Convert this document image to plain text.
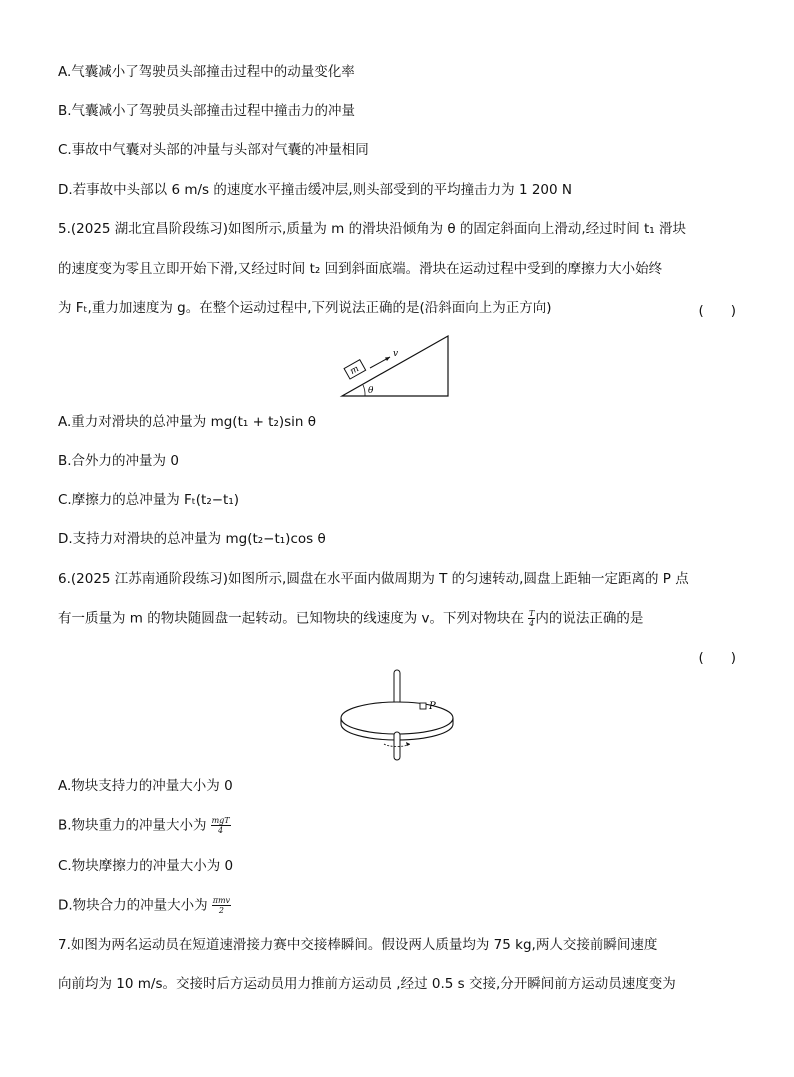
A.气囊减小了驾驶员头部撞击过程中的动量变化率
B.气囊减小了驾驶员头部撞击过程中撞击力的冲量
C.事故中气囊对头部的冲量与头部对气囊的冲量相同
D.若事故中头部以 6 m/s 的速度水平撞击缓冲层,则头部受到的平均撞击力为 1 200 N
5.(2025 湖北宜昌阶段练习)如图所示,质量为 m 的滑块沿倾角为 θ 的固定斜面向上滑动,经过时间 t₁ 滑块
的速度变为零且立即开始下滑,又经过时间 t₂ 回到斜面底端。滑块在运动过程中受到的摩擦力大小始终
为 Fₜ,重力加速度为 g。在整个运动过程中,下列说法正确的是(沿斜面向上为正方向)	(　　)
m
v
θ
A.重力对滑块的总冲量为 mg(t₁ + t₂)sin θ
B.合外力的冲量为 0
C.摩擦力的总冲量为 Fₜ(t₂−t₁)
D.支持力对滑块的总冲量为 mg(t₂−t₁)cos θ
6.(2025 江苏南通阶段练习)如图所示,圆盘在水平面内做周期为 T 的匀速转动,圆盘上距轴一定距离的 P 点
有一质量为 m 的物块随圆盘一起转动。已知物块的线速度为 v。下列对物块在 $\frac{T}{4}$ 内的说法正确的是
(　　)
P
A.物块支持力的冲量大小为 0
B.物块重力的冲量大小为 $\frac{\text{mgT}}{4}$
C.物块摩擦力的冲量大小为 0
D.物块合力的冲量大小为 $\frac{\text{πmv}}{2}$
7.如图为两名运动员在短道速滑接力赛中交接棒瞬间。假设两人质量均为 75 kg,两人交接前瞬间速度
向前均为 10 m/s。交接时后方运动员用力推前方运动员 ,经过 0.5 s 交接,分开瞬间前方运动员速度变为
